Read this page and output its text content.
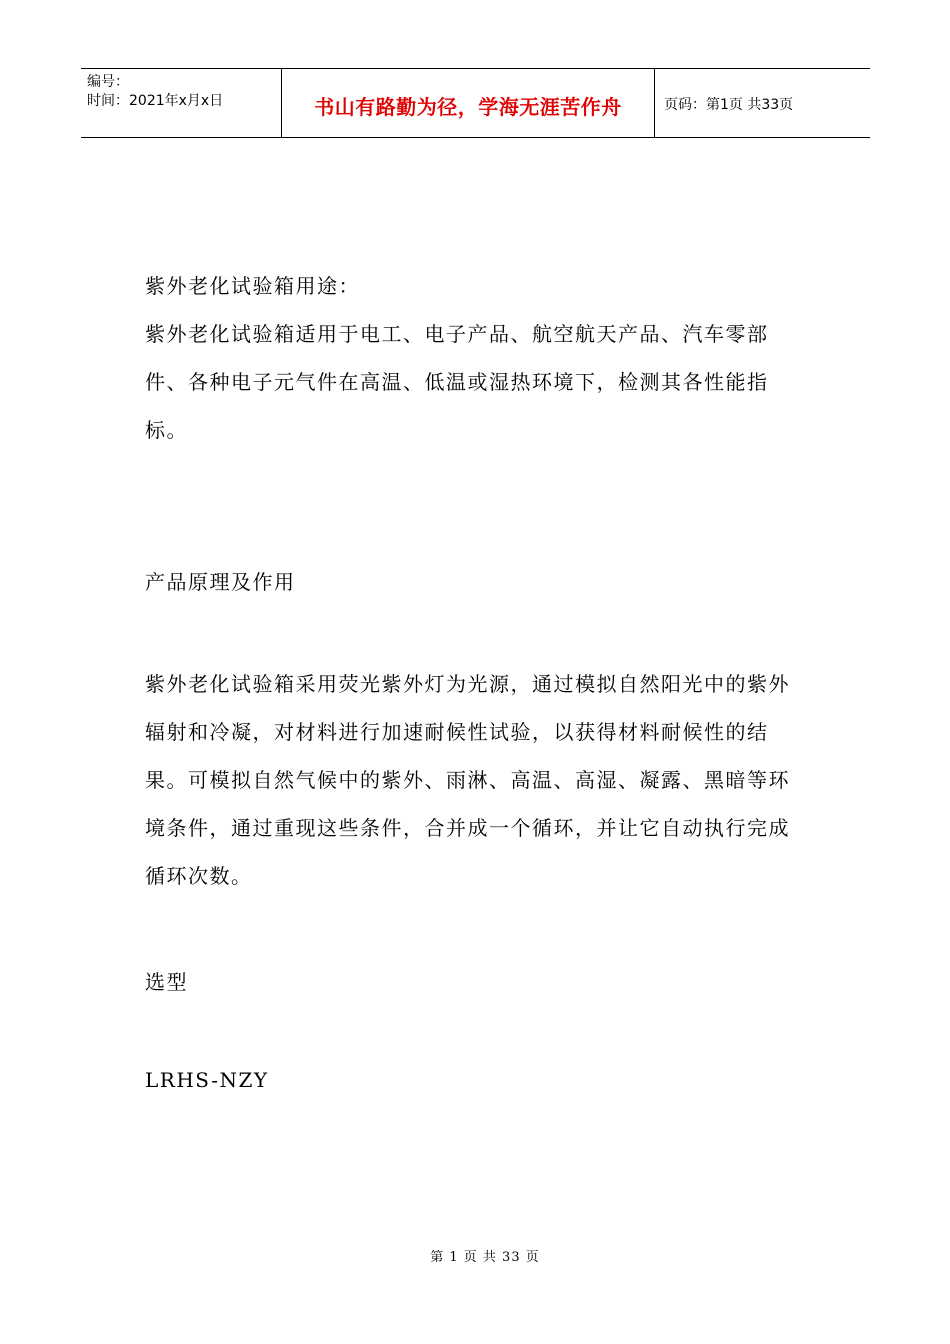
编号：
时间：2021年x月x日	书山有路勤为径，学海无涯苦作舟	页码：第1页 共33页

紫外老化试验箱用途：

紫外老化试验箱适用于电工、电子产品、航空航天产品、汽车零部件、各种电子元气件在高温、低温或湿热环境下，检测其各性能指标。

产品原理及作用

紫外老化试验箱采用荧光紫外灯为光源，通过模拟自然阳光中的紫外辐射和冷凝，对材料进行加速耐候性试验，以获得材料耐候性的结果。可模拟自然气候中的紫外、雨淋、高温、高湿、凝露、黑暗等环境条件，通过重现这些条件，合并成一个循环，并让它自动执行完成循环次数。

选型

LRHS-NZY

第 1 页 共 33 页
